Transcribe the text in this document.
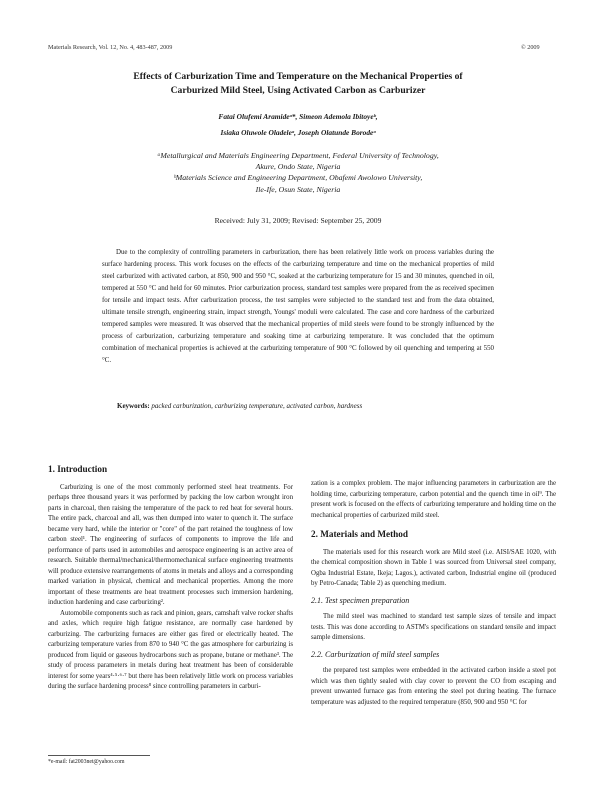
Materials Research, Vol. 12, No. 4, 483-487, 2009	© 2009
Effects of Carburization Time and Temperature on the Mechanical Properties of
Carburized Mild Steel, Using Activated Carbon as Carburizer
Fatai Olufemi Aramideᵃ*, Simeon Ademola Ibitoyeᵇ,
Isiaka Oluwole Oladeleᵃ, Joseph Olatunde Borodeᵃ
ᵃMetallurgical and Materials Engineering Department, Federal University of Technology,
Akure, Ondo State, Nigeria
ᵇMaterials Science and Engineering Department, Obafemi Awolowo University,
Ile-Ife, Osun State, Nigeria
Received: July 31, 2009; Revised: September 25, 2009
Due to the complexity of controlling parameters in carburization, there has been relatively little work on process variables during the surface hardening process. This work focuses on the effects of the carburizing temperature and time on the mechanical properties of mild steel carburized with activated carbon, at 850, 900 and 950 °C, soaked at the carburizing temperature for 15 and 30 minutes, quenched in oil, tempered at 550 °C and held for 60 minutes. Prior carburization process, standard test samples were prepared from the as received specimen for tensile and impact tests. After carburization process, the test samples were subjected to the standard test and from the data obtained, ultimate tensile strength, engineering strain, impact strength, Youngs' moduli were calculated. The case and core hardness of the carburized tempered samples were measured. It was observed that the mechanical properties of mild steels were found to be strongly influenced by the process of carburization, carburizing temperature and soaking time at carburizing temperature. It was concluded that the optimum combination of mechanical properties is achieved at the carburizing temperature of 900 °C followed by oil quenching and tempering at 550 °C.
Keywords: packed carburization, carburizing temperature, activated carbon, hardness
1. Introduction

Carburizing is one of the most commonly performed steel heat treatments. For perhaps three thousand years it was performed by packing the low carbon wrought iron parts in charcoal, then raising the temperature of the pack to red heat for several hours. The entire pack, charcoal and all, was then dumped into water to quench it. The surface became very hard, while the interior or "core" of the part retained the toughness of low carbon steel¹. The engineering of surfaces of components to improve the life and performance of parts used in automobiles and aerospace engineering is an active area of research. Suitable thermal/mechanical/thermomechanical surface engineering treatments will produce extensive rearrangements of atoms in metals and alloys and a corresponding marked variation in physical, chemical and mechanical properties. Among the more important of these treatments are heat treatment processes such immersion hardening, induction hardening and case carburizing².

Automobile components such as rack and pinion, gears, camshaft valve rocker shafts and axles, which require high fatigue resistance, are normally case hardened by carburizing. The carburizing furnaces are either gas fired or electrically heated. The carburizing temperature varies from 870 to 940 °C the gas atmosphere for carburizing is produced from liquid or gaseous hydrocarbons such as propane, butane or methane³. The study of process parameters in metals during heat treatment has been of considerable interest for some years⁴·⁵·⁶·⁷ but there has been relatively little work on process variables during the surface hardening process⁸ since controlling parameters in carburi-

zation is a complex problem. The major influencing parameters in carburization are the holding time, carburizing temperature, carbon potential and the quench time in oil⁹. The present work is focused on the effects of carburizing temperature and holding time on the mechanical properties of carburized mild steel.

2. Materials and Method

The materials used for this research work are Mild steel (i.e. AISI/SAE 1020, with the chemical composition shown in Table 1 was sourced from Universal steel company, Ogba Industrial Estate, Ikeja; Lagos.), activated carbon, Industrial engine oil (produced by Petro-Canada; Table 2) as quenching medium.

2.1. Test specimen preparation

The mild steel was machined to standard test sample sizes of tensile and impact tests. This was done according to ASTM's specifications on standard tensile and impact sample dimensions.

2.2. Carburization of mild steel samples

the prepared test samples were embedded in the activated carbon inside a steel pot which was then tightly sealed with clay cover to prevent the CO from escaping and prevent unwanted furnace gas from entering the steel pot during heating. The furnace temperature was adjusted to the required temperature (850, 900 and 950 °C for

*e-mail: fat2003net@yahoo.com
